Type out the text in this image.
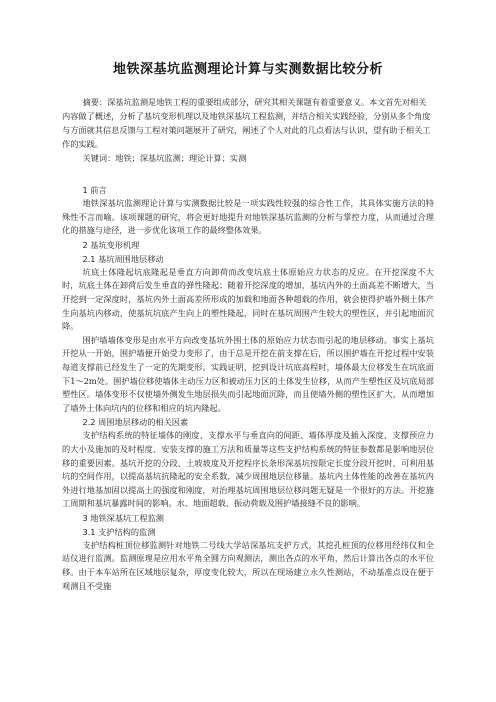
地铁深基坑监测理论计算与实测数据比较分析
摘要：深基坑监测是地铁工程的重要组成部分，研究其相关课题有着重要意义。本文首先对相关内容做了概述，分析了基坑变形机理以及地铁深基坑工程监测，并结合相关实践经验，分别从多个角度与方面就其信息反馈与工程对策问题展开了研究，阐述了个人对此的几点看法与认识，望有助于相关工作的实践。
关键词：地铁；深基坑监测；理论计算；实测
1 前言
地铁深基坑监测理论计算与实测数据比较是一项实践性较强的综合性工作，其具体实施方法的特殊性不言而喻。该项课题的研究，将会更好地提升对地铁深基坑监测的分析与掌控力度，从而通过合理化的措施与途径，进一步优化该项工作的最终整体效果。
2 基坑变形机理
2.1 基坑周围地层移动
坑底土体隆起坑底隆起是垂直方向卸荷而改变坑底土体原始应力状态的反应。在开挖深度不大时，坑底土体在卸荷后发生垂直的弹性隆起；随着开挖深度的增加，基坑内外的土面高差不断增大，当开挖到一定深度时，基坑内外土面高差所形成的加载和地面各种超载的作用，就会使得护墙外侧土体产生向基坑内移动，使基坑坑底产生向上的塑性隆起，同时在基坑周围产生较大的塑性区，并引起地面沉降。
围护墙墙体变形是由水平方向改变基坑外围土体的原始应力状态而引起的地层移动。事实上基坑开挖从一开始，围护墙便开始受力变形了，由于总是开挖在前支撑在后，所以围护墙在开挖过程中安装每道支撑前已经发生了一定的先期变形。实践证明，挖到设计坑底高程时，墙体最大位移发生在坑底面下1～2m处。围护墙位移使墙体主动压力区和被动压力区的土体发生位移，从而产生塑性区及坑底局部塑性区。墙体变形不仅使墙外侧发生地层损失而引起地面沉降，而且使墙外侧的塑性区扩大，从而增加了墙外土体向坑内的位移和相应的坑内隆起。
2.2 周围地层移动的相关因素
支护结构系统的特征墙体的刚度、支撑水平与垂直向的间距、墙体厚度及插入深度、支撑预应力的大小及施加的及时程度、安装支撑的施工方法和质量等这些支护结构系统的特征参数都是影响地层位移的重要因素。基坑开挖的分段、土坡坡度及开挖程序长条形深基坑按限定长度分段开挖时，可利用基坑的空间作用，以提高基坑抗隆起的安全系数，减少周围地层位移量。基坑内土体性能的改善在基坑内外进行地基加固以提高土的强度和刚度，对治理基坑周围地层位移问题无疑是一个很好的方法。开挖施工周期和基坑暴露时间的影响。水、地面超载、振动荷载及围护墙接缝不良的影响。
3 地铁深基坑工程监测
3.1 支护结构的监测
支护结构桩顶位移监测针对地铁二号线大学站深基坑支护方式，其挖孔桩顶的位移用经纬仪和全站仪进行监测。监测原理是应用水平角全圆方向观测法，测出各点的水平角，然后计算出各点的水平位移。由于本车站所在区域地层复杂，厚度变化较大，所以在现场建立永久性测站，不动基准点设在便于观测且不受施
